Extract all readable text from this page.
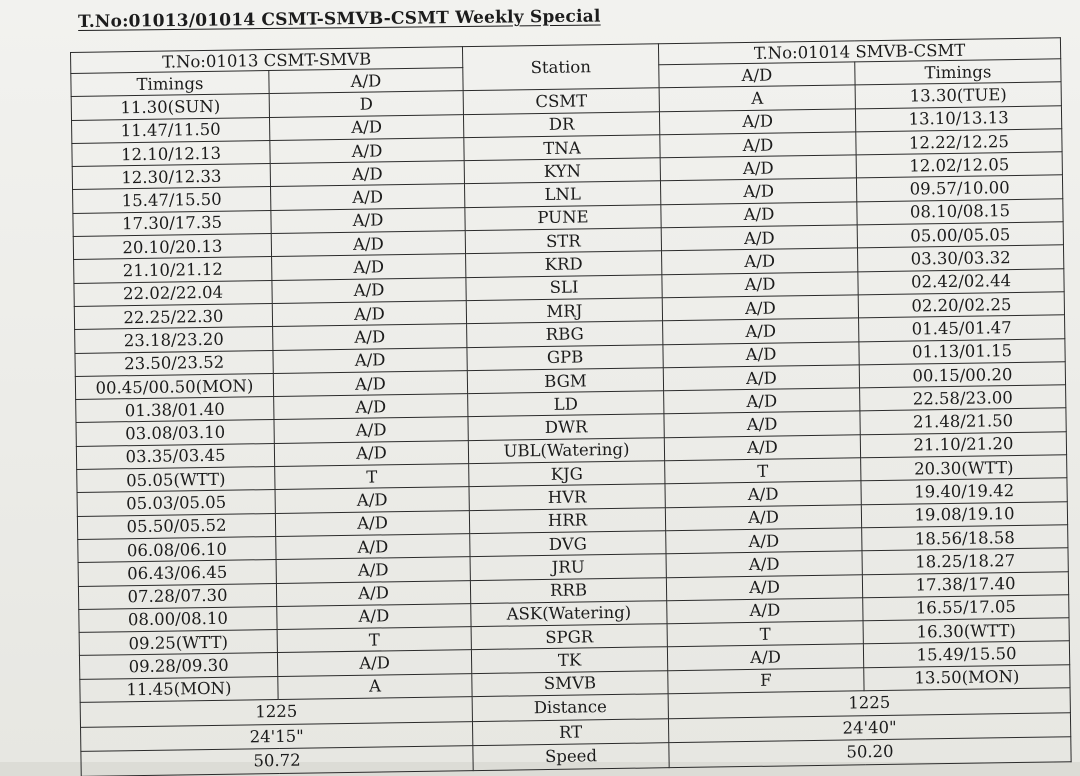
T.No:01013/01014 CSMT-SMVB-CSMT Weekly Special
T.No:01013 CSMT-SMVB		Station	T.No:01014 SMVB-CSMT	
Timings	A/D		A/D	Timings
11.30(SUN)	D	CSMT	A	13.30(TUE)
11.47/11.50	A/D	DR	A/D	13.10/13.13
12.10/12.13	A/D	TNA	A/D	12.22/12.25
12.30/12.33	A/D	KYN	A/D	12.02/12.05
15.47/15.50	A/D	LNL	A/D	09.57/10.00
17.30/17.35	A/D	PUNE	A/D	08.10/08.15
20.10/20.13	A/D	STR	A/D	05.00/05.05
21.10/21.12	A/D	KRD	A/D	03.30/03.32
22.02/22.04	A/D	SLI	A/D	02.42/02.44
22.25/22.30	A/D	MRJ	A/D	02.20/02.25
23.18/23.20	A/D	RBG	A/D	01.45/01.47
23.50/23.52	A/D	GPB	A/D	01.13/01.15
00.45/00.50(MON)	A/D	BGM	A/D	00.15/00.20
01.38/01.40	A/D	LD	A/D	22.58/23.00
03.08/03.10	A/D	DWR	A/D	21.48/21.50
03.35/03.45	A/D	UBL(Watering)	A/D	21.10/21.20
05.05(WTT)	T	KJG	T	20.30(WTT)
05.03/05.05	A/D	HVR	A/D	19.40/19.42
05.50/05.52	A/D	HRR	A/D	19.08/19.10
06.08/06.10	A/D	DVG	A/D	18.56/18.58
06.43/06.45	A/D	JRU	A/D	18.25/18.27
07.28/07.30	A/D	RRB	A/D	17.38/17.40
08.00/08.10	A/D	ASK(Watering)	A/D	16.55/17.05
09.25(WTT)	T	SPGR	T	16.30(WTT)
09.28/09.30	A/D	TK	A/D	15.49/15.50
11.45(MON)	A	SMVB	F	13.50(MON)
1225		Distance	1225	
24'15"		RT	24'40"	
50.72		Speed	50.20	
